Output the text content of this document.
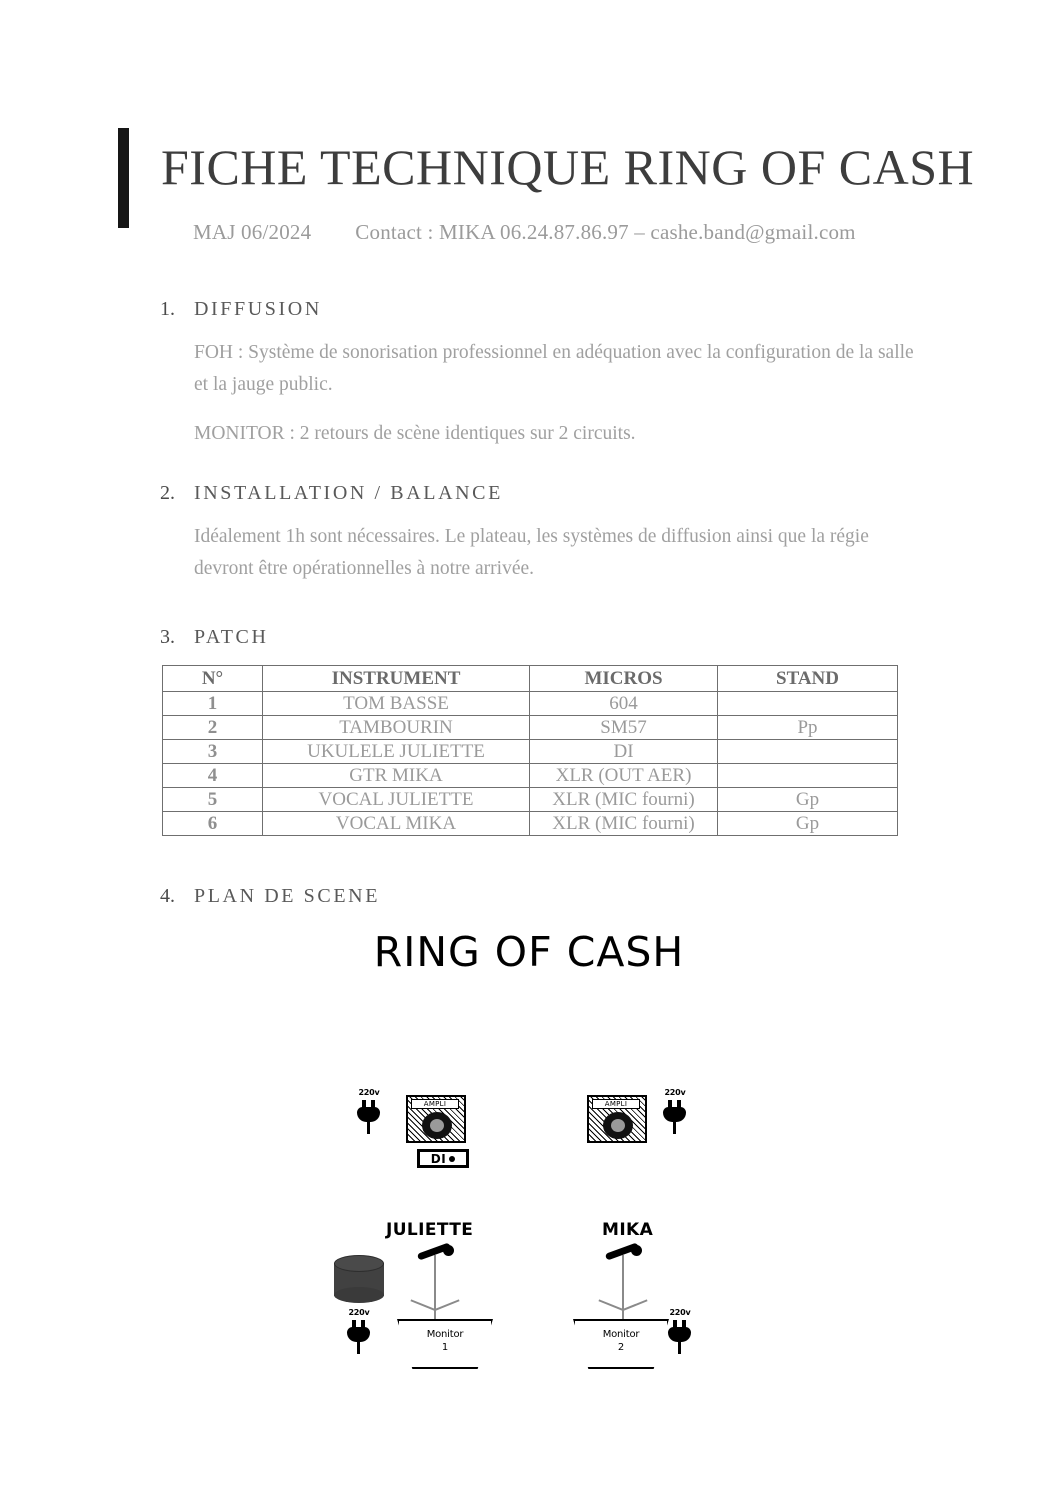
FICHE TECHNIQUE RING OF CASH
MAJ 06/2024 Contact : MIKA 06.24.87.86.97 – cashe.band@gmail.com
1. DIFFUSION

FOH : Système de sonorisation professionnel en adéquation avec la configuration de la salle et la jauge public.

MONITOR : 2 retours de scène identiques sur 2 circuits.

2. INSTALLATION / BALANCE

Idéalement 1h sont nécessaires. Le plateau, les systèmes de diffusion ainsi que la régie devront être opérationnelles à notre arrivée.

3. PATCH
N°	INSTRUMENT	MICROS	STAND
1	TOM BASSE	604	
2	TAMBOURIN	SM57	Pp
3	UKULELE JULIETTE	DI	
4	GTR MIKA	XLR (OUT AER)	
5	VOCAL JULIETTE	XLR (MIC fourni)	Gp
6	VOCAL MIKA	XLR (MIC fourni)	Gp
4. PLAN DE SCENE
RING OF CASH
220v
AMPLI
DI
AMPLI
220v
JULIETTE	MIKA
220v
Monitor
1
Monitor
2
220v
